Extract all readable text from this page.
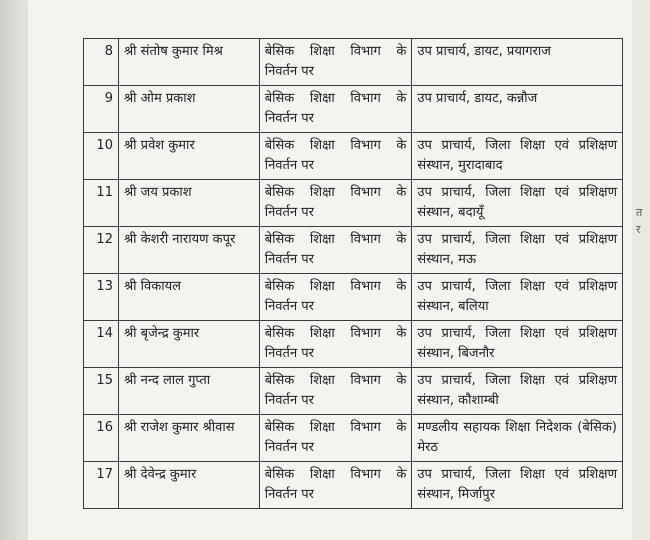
8	श्री संतोष कुमार मिश्र	बेसिक शिक्षा विभाग के निवर्तन पर	उप प्राचार्य, डायट, प्रयागराज
9	श्री ओम प्रकाश	बेसिक शिक्षा विभाग के निवर्तन पर	उप प्राचार्य, डायट, कन्नौज
10	श्री प्रवेश कुमार	बेसिक शिक्षा विभाग के निवर्तन पर	उप प्राचार्य, जिला शिक्षा एवं प्रशिक्षण संस्थान, मुरादाबाद
11	श्री जय प्रकाश	बेसिक शिक्षा विभाग के निवर्तन पर	उप प्राचार्य, जिला शिक्षा एवं प्रशिक्षण संस्थान, बदायूँ
12	श्री केशरी नारायण कपूर	बेसिक शिक्षा विभाग के निवर्तन पर	उप प्राचार्य, जिला शिक्षा एवं प्रशिक्षण संस्थान, मऊ
13	श्री विकायल	बेसिक शिक्षा विभाग के निवर्तन पर	उप प्राचार्य, जिला शिक्षा एवं प्रशिक्षण संस्थान, बलिया
14	श्री बृजेन्द्र कुमार	बेसिक शिक्षा विभाग के निवर्तन पर	उप प्राचार्य, जिला शिक्षा एवं प्रशिक्षण संस्थान, बिजनौर
15	श्री नन्द लाल गुप्ता	बेसिक शिक्षा विभाग के निवर्तन पर	उप प्राचार्य, जिला शिक्षा एवं प्रशिक्षण संस्थान, कौशाम्बी
16	श्री राजेश कुमार श्रीवास	बेसिक शिक्षा विभाग के निवर्तन पर	मण्डलीय सहायक शिक्षा निदेशक (बेसिक) मेरठ
17	श्री देवेन्द्र कुमार	बेसिक शिक्षा विभाग के निवर्तन पर	उप प्राचार्य, जिला शिक्षा एवं प्रशिक्षण संस्थान, मिर्जापुर
त
र
